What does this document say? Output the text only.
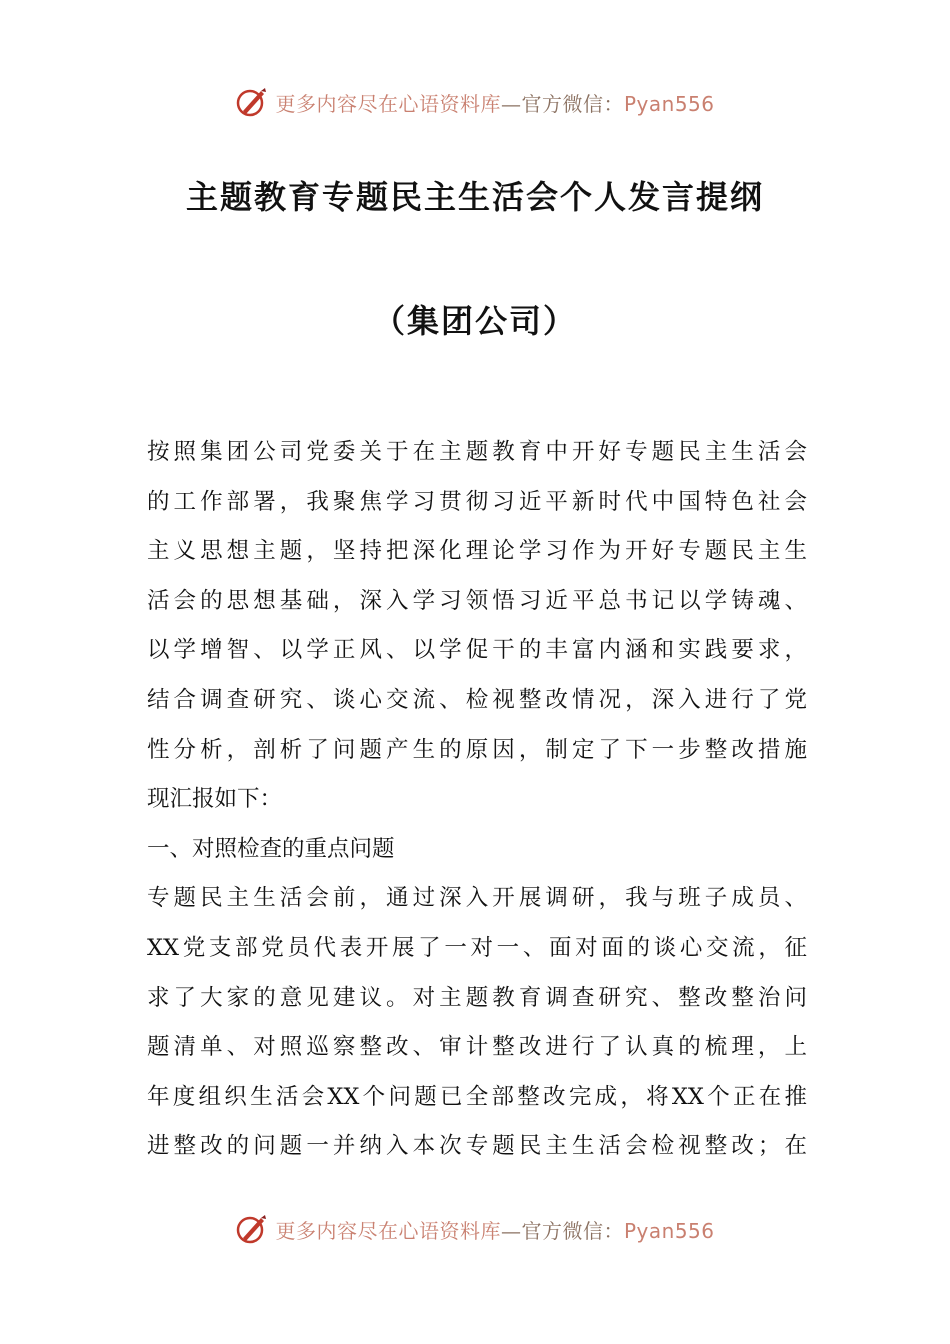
更多内容尽在心语资料库—官方微信：Pyan556
主题教育专题民主生活会个人发言提纲
（集团公司）
按照集团公司党委关于在主题教育中开好专题民主生活会
的工作部署，我聚焦学习贯彻习近平新时代中国特色社会
主义思想主题，坚持把深化理论学习作为开好专题民主生
活会的思想基础，深入学习领悟习近平总书记以学铸魂、
以学增智、以学正风、以学促干的丰富内涵和实践要求，
结合调查研究、谈心交流、检视整改情况，深入进行了党
性分析，剖析了问题产生的原因，制定了下一步整改措施
现汇报如下：
一、对照检查的重点问题
专题民主生活会前，通过深入开展调研，我与班子成员、
XX党支部党员代表开展了一对一、面对面的谈心交流，征
求了大家的意见建议。对主题教育调查研究、整改整治问
题清单、对照巡察整改、审计整改进行了认真的梳理，上
年度组织生活会XX个问题已全部整改完成，将XX个正在推
进整改的问题一并纳入本次专题民主生活会检视整改；在
更多内容尽在心语资料库—官方微信：Pyan556
